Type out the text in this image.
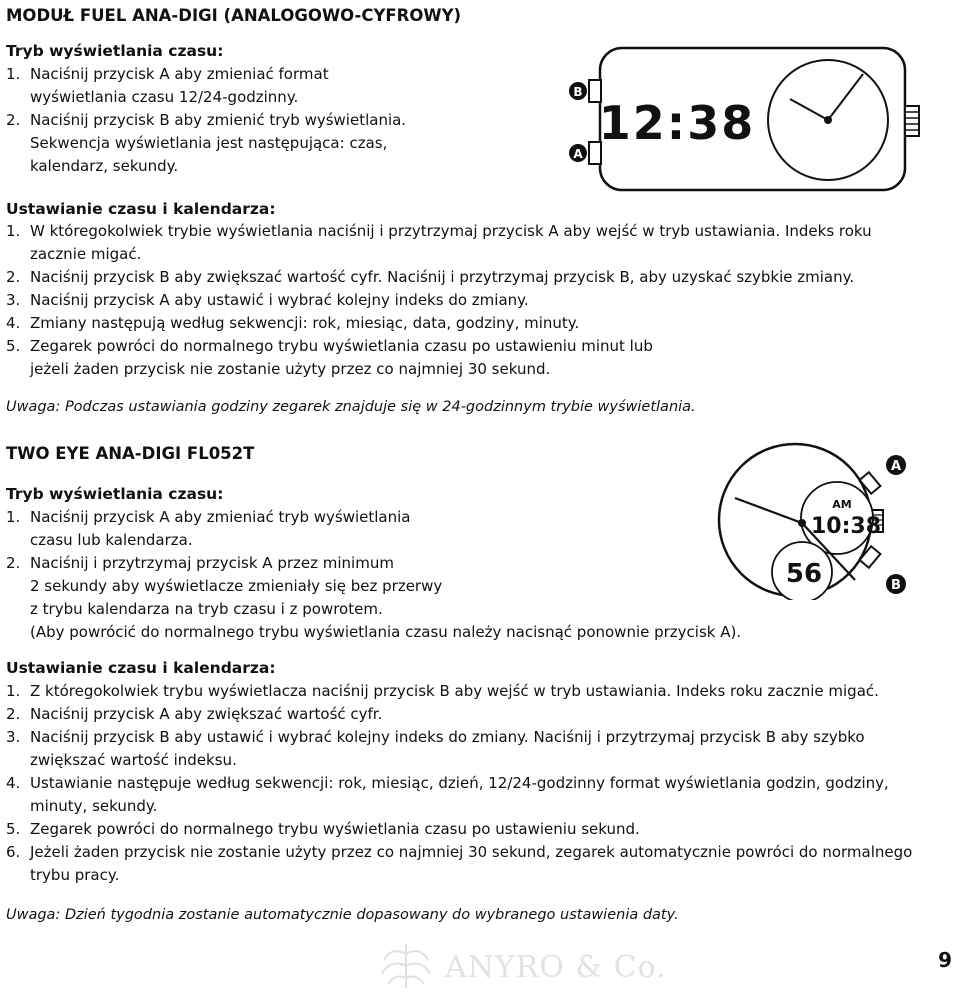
MODUŁ FUEL ANA-DIGI (ANALOGOWO-CYFROWY)
Tryb wyświetlania czasu:
1. Naciśnij przycisk A aby zmieniać format
wyświetlania czasu 12/24-godzinny.
2. Naciśnij przycisk B aby zmienić tryb wyświetlania.
Sekwencja wyświetlania jest następująca: czas,
kalendarz, sekundy.
B
A
12:38
Ustawianie czasu i kalendarza:
1. W któregokolwiek trybie wyświetlania naciśnij i przytrzymaj przycisk A aby wejść w tryb ustawiania. Indeks roku
zacznie migać.
2. Naciśnij przycisk B aby zwiększać wartość cyfr. Naciśnij i przytrzymaj przycisk B, aby uzyskać szybkie zmiany.
3. Naciśnij przycisk A aby ustawić i wybrać kolejny indeks do zmiany.
4. Zmiany następują według sekwencji: rok, miesiąc, data, godziny, minuty.
5. Zegarek powróci do normalnego trybu wyświetlania czasu po ustawieniu minut lub
jeżeli żaden przycisk nie zostanie użyty przez co najmniej 30 sekund.
Uwaga: Podczas ustawiania godziny zegarek znajduje się w 24-godzinnym trybie wyświetlania.
TWO EYE ANA-DIGI FL052T
Tryb wyświetlania czasu:
1. Naciśnij przycisk A aby zmieniać tryb wyświetlania
czasu lub kalendarza.
2. Naciśnij i przytrzymaj przycisk A przez minimum
2 sekundy aby wyświetlacze zmieniały się bez przerwy
z trybu kalendarza na tryb czasu i z powrotem.
(Aby powrócić do normalnego trybu wyświetlania czasu należy nacisnąć ponownie przycisk A).
A
B
AM
10:38
56
Ustawianie czasu i kalendarza:
1. Z któregokolwiek trybu wyświetlacza naciśnij przycisk B aby wejść w tryb ustawiania. Indeks roku zacznie migać.
2. Naciśnij przycisk A aby zwiększać wartość cyfr.
3. Naciśnij przycisk B aby ustawić i wybrać kolejny indeks do zmiany. Naciśnij i przytrzymaj przycisk B aby szybko
zwiększać wartość indeksu.
4. Ustawianie następuje według sekwencji: rok, miesiąc, dzień, 12/24-godzinny format wyświetlania godzin, godziny,
minuty, sekundy.
5. Zegarek powróci do normalnego trybu wyświetlania czasu po ustawieniu sekund.
6. Jeżeli żaden przycisk nie zostanie użyty przez co najmniej 30 sekund, zegarek automatycznie powróci do normalnego
trybu pracy.
Uwaga: Dzień tygodnia zostanie automatycznie dopasowany do wybranego ustawienia daty.
ANYRO & Co.	9
